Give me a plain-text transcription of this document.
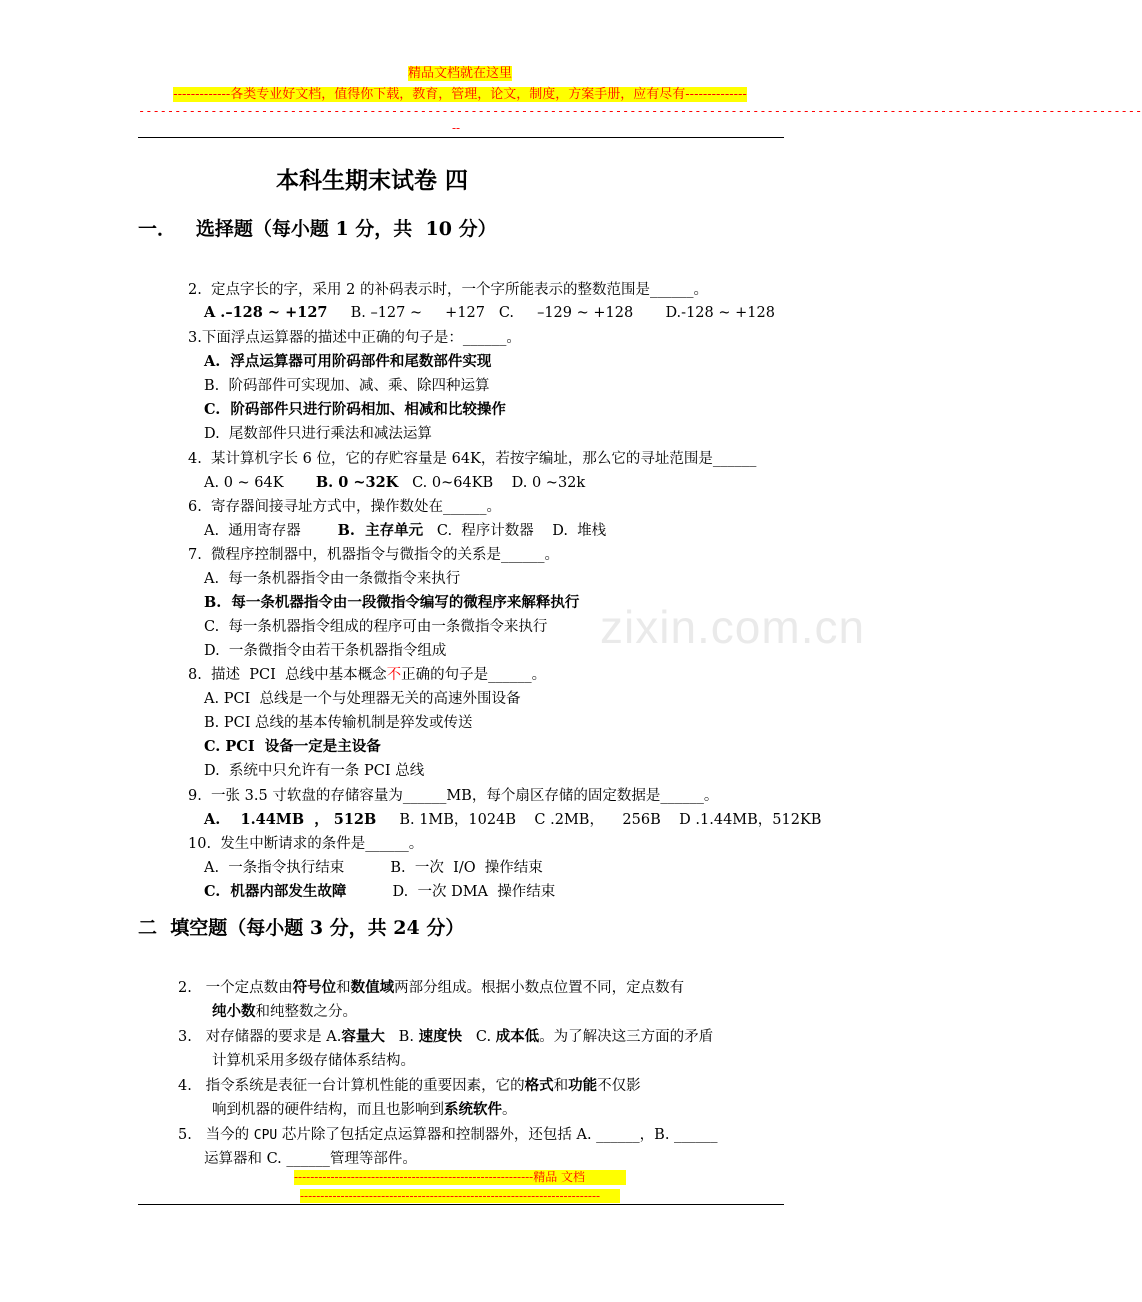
精品文档就在这里
-------------各类专业好文档，值得你下载，教育，管理，论文，制度，方案手册，应有尽有--------------
-------------------------------------------------------------------------------------------------------------------------------------------
--
本科生期末试卷 四
一．   选择题（每小题 1 分，共  10 分）
2.  定点字长的字，采用 2 的补码表示时，一个字所能表示的整数范围是______。
A .–128 ~ +127     B. –127 ~     +127   C.     –129 ~ +128       D.-128 ~ +128
3.下面浮点运算器的描述中正确的句子是：______。
A.  浮点运算器可用阶码部件和尾数部件实现
B.  阶码部件可实现加、减、乘、除四种运算
C.  阶码部件只进行阶码相加、相减和比较操作
D.  尾数部件只进行乘法和减法运算
4.  某计算机字长 6 位，它的存贮容量是 64K，若按字编址，那么它的寻址范围是______
A. 0 ~ 64K       B. 0 ~32K   C. 0~64KB    D. 0 ~32k
6.  寄存器间接寻址方式中，操作数处在______。
A.  通用寄存器        B.  主存单元   C.  程序计数器    D.  堆栈
7.  微程序控制器中，机器指令与微指令的关系是______。
A.  每一条机器指令由一条微指令来执行
B.  每一条机器指令由一段微指令编写的微程序来解释执行
C.  每一条机器指令组成的程序可由一条微指令来执行
D.  一条微指令由若干条机器指令组成
8.  描述  PCI  总线中基本概念不正确的句子是______。
A. PCI  总线是一个与处理器无关的高速外围设备
B. PCI 总线的基本传输机制是猝发或传送
C. PCI  设备一定是主设备
D.  系统中只允许有一条 PCI 总线
9.  一张 3.5 寸软盘的存储容量为______MB，每个扇区存储的固定数据是______。
A.    1.44MB  ， 512B     B. 1MB，1024B    C .2MB，    256B    D .1.44MB，512KB
10.  发生中断请求的条件是______。
A.  一条指令执行结束          B.  一次  I/O  操作结束
C.  机器内部发生故障          D.  一次 DMA  操作结束
二  填空题（每小题 3 分，共 24 分）
2.   一个定点数由符号位和数值域两部分组成。根据小数点位置不同，定点数有
纯小数和纯整数之分。
3.   对存储器的要求是 A.容量大   B. 速度快   C. 成本低。为了解决这三方面的矛盾
计算机采用多级存储体系结构。
4.   指令系统是表征一台计算机性能的重要因素，它的格式和功能不仅影
响到机器的硬件结构，而且也影响到系统软件。
5.   当今的 CPU 芯片除了包括定点运算器和控制器外，还包括 A. ______，B. ______
运算器和 C. ______管理等部件。
zixin.com.cn
-----------------------------------------------------------精品 文档
--------------------------------------------------------------------------
